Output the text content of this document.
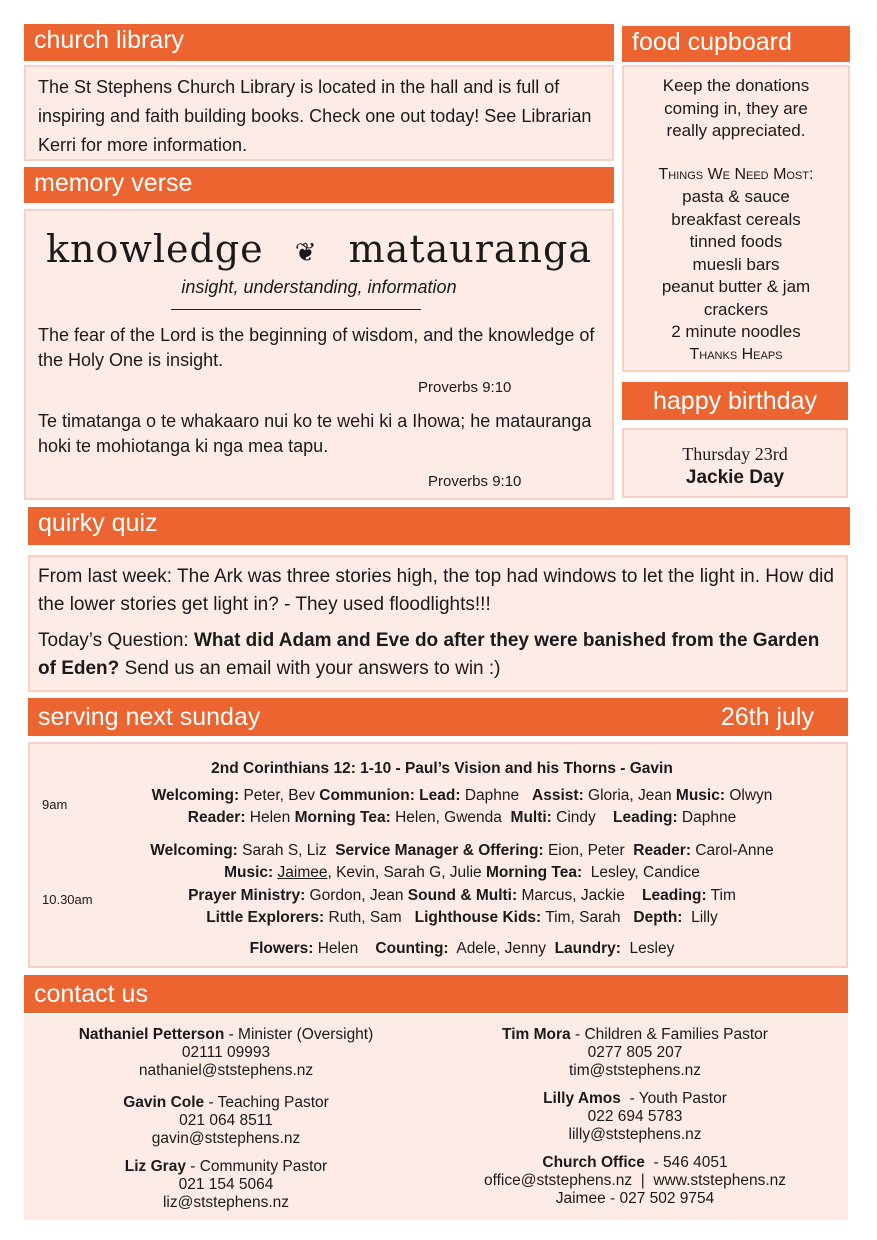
church library
The St Stephens Church Library is located in the hall and is full of inspiring and faith building books. Check one out today! See Librarian Kerri for more information.
memory verse
knowledge ❦ matauranga
insight, understanding, information
The fear of the Lord is the beginning of wisdom, and the knowledge of the Holy One is insight.
Proverbs 9:10
Te timatanga o te whakaaro nui ko te wehi ki a Ihowa; he matauranga hoki te mohiotanga ki nga mea tapu.
Proverbs 9:10
food cupboard
Keep the donations coming in, they are really appreciated.
Things We Need Most:
pasta & sauce
breakfast cereals
tinned foods
muesli bars
peanut butter & jam
crackers
2 minute noodles
Thanks Heaps
happy birthday
Thursday 23rd
Jackie Day
quirky quiz
From last week: The Ark was three stories high, the top had windows to let the light in. How did the lower stories get light in? - They used floodlights!!!
Today’s Question: What did Adam and Eve do after they were banished from the Garden of Eden? Send us an email with your answers to win :)
serving next sunday	26th july
2nd Corinthians 12: 1-10 - Paul’s Vision and his Thorns - Gavin
9am
Welcoming: Peter, Bev Communion: Lead: Daphne   Assist: Gloria, Jean Music: Olwyn
Reader: Helen Morning Tea: Helen, Gwenda  Multi: Cindy    Leading: Daphne
10.30am
Welcoming: Sarah S, Liz  Service Manager & Offering: Eion, Peter  Reader: Carol-Anne
Music: Jaimee, Kevin, Sarah G, Julie Morning Tea:  Lesley, Candice
Prayer Ministry: Gordon, Jean Sound & Multi: Marcus, Jackie    Leading: Tim
Little Explorers: Ruth, Sam   Lighthouse Kids: Tim, Sarah   Depth:  Lilly
Flowers: Helen    Counting:  Adele, Jenny  Laundry:  Lesley
contact us
Nathaniel Petterson - Minister (Oversight)
02111 09993
nathaniel@ststephens.nz
Gavin Cole - Teaching Pastor
021 064 8511
gavin@ststephens.nz
Liz Gray - Community Pastor
021 154 5064
liz@ststephens.nz
Tim Mora - Children & Families Pastor
0277 805 207
tim@ststephens.nz
Lilly Amos  - Youth Pastor
022 694 5783
lilly@ststephens.nz
Church Office  - 546 4051
office@ststephens.nz  |  www.ststephens.nz
Jaimee - 027 502 9754
